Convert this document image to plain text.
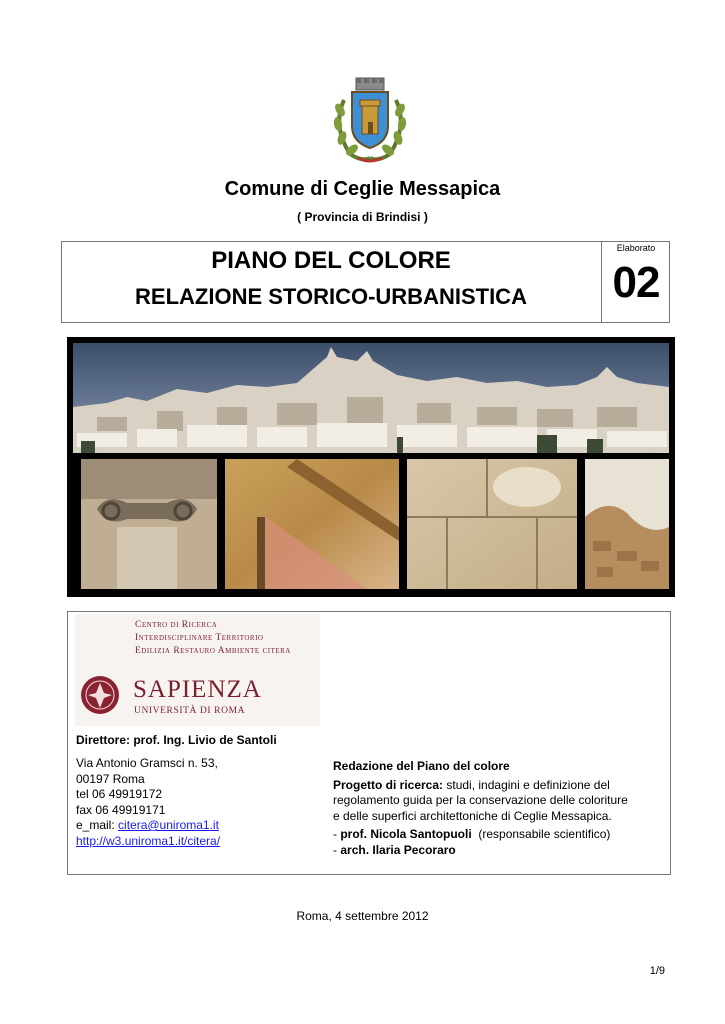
Comune di Ceglie Messapica
( Provincia di Brindisi )
PIANO DEL COLORE
RELAZIONE STORICO-URBANISTICA
Elaborato
02
Centro di Ricerca
Interdisciplinare Territorio
Edilizia Restauro Ambiente citera
SAPIENZA
UNIVERSITÀ DI ROMA
Direttore: prof. Ing. Livio de Santoli
Via Antonio Gramsci n. 53,
00197 Roma
tel 06 49919172
fax 06 49919171
e_mail: citera@uniroma1.it
http://w3.uniroma1.it/citera/
Redazione del Piano del colore
Progetto di ricerca: studi, indagini e definizione del
regolamento guida per la conservazione delle coloriture
e delle superfici architettoniche di Ceglie Messapica.
- prof. Nicola Santopuoli  (responsabile scientifico)
- arch. Ilaria Pecoraro
Roma, 4 settembre 2012
1/9
